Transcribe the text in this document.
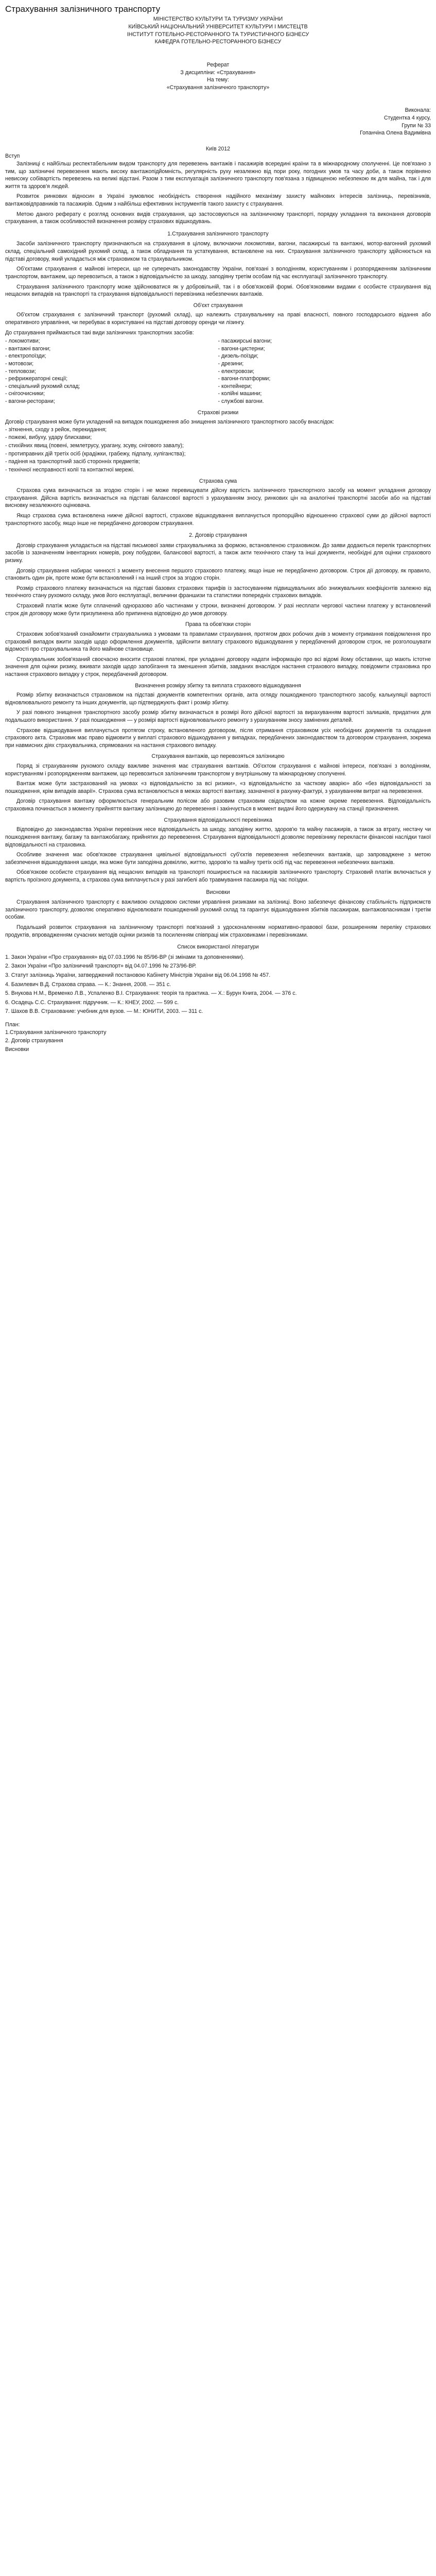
Страхування залізничного транспорту
МІНІСТЕРСТВО КУЛЬТУРИ ТА ТУРИЗМУ УКРАЇНИ
КИЇВСЬКИЙ НАЦІОНАЛЬНИЙ УНІВЕРСИТЕТ КУЛЬТУРИ І МИСТЕЦТВ
ІНСТИТУТ ГОТЕЛЬНО-РЕСТОРАННОГО ТА ТУРИСТИЧНОГО БІЗНЕСУ
КАФЕДРА ГОТЕЛЬНО-РЕСТОРАННОГО БІЗНЕСУ
Реферат
З дисципліни: «Страхування»
На тему:
«Страхування залізничного транспорту»
Виконала:
Студентка 4 курсу,
Групи № 33
Гопанчіна Олена Вадимівна
Київ 2012
Вступ

Залізниці є найбільш респектабельним видом транспорту для перевезень вантажів і пасажирів всередині країни та в міжнародному сполученні. Це пов'язано з тим, що залізничні перевезення мають високу вантажопідйомність, регулярність руху незалежно від пори року, погодних умов та часу доби, а також порівняно невисоку собівартість перевезень на великі відстані. Разом з тим експлуатація залізничного транспорту пов'язана з підвищеною небезпекою як для майна, так і для життя та здоров'я людей.

Розвиток ринкових відносин в Україні зумовлює необхідність створення надійного механізму захисту майнових інтересів залізниць, перевізників, вантажовідправників та пасажирів. Одним з найбільш ефективних інструментів такого захисту є страхування.

Метою даного реферату є розгляд основних видів страхування, що застосовуються на залізничному транспорті, порядку укладання та виконання договорів страхування, а також особливостей визначення розміру страхових відшкодувань.

1.Страхування залізничного транспорту

Засоби залізничного транспорту призначаються на страхування в цілому, включаючи локомотиви, вагони, пасажирські та вантажні, мотор-вагонний рухомий склад, спеціальний самохідний рухомий склад, а також обладнання та устаткування, встановлене на них. Страхування залізничного транспорту здійснюється на підставі договору, який укладається між страховиком та страхувальником.

Об'єктами страхування є майнові інтереси, що не суперечать законодавству України, пов'язані з володінням, користуванням і розпорядженням залізничним транспортом, вантажем, що перевозиться, а також з відповідальністю за шкоду, заподіяну третім особам під час експлуатації залізничного транспорту.

Страхування залізничного транспорту може здійснюватися як у добровільній, так і в обов'язковій формі. Обов'язковими видами є особисте страхування від нещасних випадків на транспорті та страхування відповідальності перевізника небезпечних вантажів.

Об'єкт страхування

Об'єктом страхування є залізничний транспорт (рухомий склад), що належить страхувальнику на праві власності, повного господарського відання або оперативного управління, чи перебуває в користуванні на підставі договору оренди чи лізингу.

До страхування приймаються такі види залізничних транспортних засобів:
- локомотиви;	- пасажирські вагони;
- вантажні вагони;	- вагони-цистерни;
- електропоїзди;	- дизель-поїзди;
- мотовози;	- дрезини;
- тепловози;	- електровози;
- рефрижераторні секції;	- вагони-платформи;
- спеціальний рухомий склад;	- контейнери;
- снігоочисники;	- колійні машини;
- вагони-ресторани;	- службові вагони.
Страхові ризики
Договір страхування може бути укладений на випадок пошкодження або знищення залізничного транспортного засобу внаслідок:
- зіткнення, сходу з рейок, перекидання;
- пожежі, вибуху, удару блискавки;
- стихійних явищ (повені, землетрусу, урагану, зсуву, снігового завалу);
- протиправних дій третіх осіб (крадіжки, грабежу, підпалу, хуліганства);
- падіння на транспортний засіб сторонніх предметів;
- технічної несправності колії та контактної мережі.
Страхова сума

Страхова сума визначається за згодою сторін і не може перевищувати дійсну вартість залізничного транспортного засобу на момент укладання договору страхування. Дійсна вартість визначається на підставі балансової вартості з урахуванням зносу, ринкових цін на аналогічні транспортні засоби або на підставі висновку незалежного оцінювача.

Якщо страхова сума встановлена нижче дійсної вартості, страхове відшкодування виплачується пропорційно відношенню страхової суми до дійсної вартості транспортного засобу, якщо інше не передбачено договором страхування.

2. Договір страхування

Договір страхування укладається на підставі письмової заяви страхувальника за формою, встановленою страховиком. До заяви додаються перелік транспортних засобів із зазначенням інвентарних номерів, року побудови, балансової вартості, а також акти технічного стану та інші документи, необхідні для оцінки страхового ризику.

Договір страхування набирає чинності з моменту внесення першого страхового платежу, якщо інше не передбачено договором. Строк дії договору, як правило, становить один рік, проте може бути встановлений і на інший строк за згодою сторін.

Розмір страхового платежу визначається на підставі базових страхових тарифів із застосуванням підвищувальних або знижувальних коефіцієнтів залежно від технічного стану рухомого складу, умов його експлуатації, величини франшизи та статистики попередніх страхових випадків.

Страховий платіж може бути сплачений одноразово або частинами у строки, визначені договором. У разі несплати чергової частини платежу у встановлений строк дія договору може бути призупинена або припинена відповідно до умов договору.

Права та обов'язки сторін

Страховик зобов'язаний ознайомити страхувальника з умовами та правилами страхування, протягом двох робочих днів з моменту отримання повідомлення про страховий випадок вжити заходів щодо оформлення документів, здійснити виплату страхового відшкодування у передбачений договором строк, не розголошувати відомості про страхувальника та його майнове становище.

Страхувальник зобов'язаний своєчасно вносити страхові платежі, при укладанні договору надати інформацію про всі відомі йому обставини, що мають істотне значення для оцінки ризику, вживати заходів щодо запобігання та зменшення збитків, завданих внаслідок настання страхового випадку, повідомити страховика про настання страхового випадку у строк, передбачений договором.

Визначення розміру збитку та виплата страхового відшкодування

Розмір збитку визначається страховиком на підставі документів компетентних органів, акта огляду пошкодженого транспортного засобу, калькуляції вартості відновлювального ремонту та інших документів, що підтверджують факт і розмір збитку.

У разі повного знищення транспортного засобу розмір збитку визначається в розмірі його дійсної вартості за вирахуванням вартості залишків, придатних для подальшого використання. У разі пошкодження — у розмірі вартості відновлювального ремонту з урахуванням зносу замінених деталей.

Страхове відшкодування виплачується протягом строку, встановленого договором, після отримання страховиком усіх необхідних документів та складання страхового акта. Страховик має право відмовити у виплаті страхового відшкодування у випадках, передбачених законодавством та договором страхування, зокрема при навмисних діях страхувальника, спрямованих на настання страхового випадку.

Страхування вантажів, що перевозяться залізницею

Поряд зі страхуванням рухомого складу важливе значення має страхування вантажів. Об'єктом страхування є майнові інтереси, пов'язані з володінням, користуванням і розпорядженням вантажем, що перевозиться залізничним транспортом у внутрішньому та міжнародному сполученні.

Вантаж може бути застрахований на умовах «з відповідальністю за всі ризики», «з відповідальністю за часткову аварію» або «без відповідальності за пошкодження, крім випадків аварії». Страхова сума встановлюється в межах вартості вантажу, зазначеної в рахунку-фактурі, з урахуванням витрат на перевезення.

Договір страхування вантажу оформлюється генеральним полісом або разовим страховим свідоцтвом на кожне окреме перевезення. Відповідальність страховика починається з моменту прийняття вантажу залізницею до перевезення і закінчується в момент видачі його одержувачу на станції призначення.

Страхування відповідальності перевізника

Відповідно до законодавства України перевізник несе відповідальність за шкоду, заподіяну життю, здоров'ю та майну пасажирів, а також за втрату, нестачу чи пошкодження вантажу, багажу та вантажобагажу, прийнятих до перевезення. Страхування відповідальності дозволяє перевізнику перекласти фінансові наслідки такої відповідальності на страховика.

Особливе значення має обов'язкове страхування цивільної відповідальності суб'єктів перевезення небезпечних вантажів, що запроваджене з метою забезпечення відшкодування шкоди, яка може бути заподіяна довкіллю, життю, здоров'ю та майну третіх осіб під час перевезення небезпечних вантажів.

Обов'язкове особисте страхування від нещасних випадків на транспорті поширюється на пасажирів залізничного транспорту. Страховий платіж включається у вартість проїзного документа, а страхова сума виплачується у разі загибелі або травмування пасажира під час поїздки.

Висновки

Страхування залізничного транспорту є важливою складовою системи управління ризиками на залізниці. Воно забезпечує фінансову стабільність підприємств залізничного транспорту, дозволяє оперативно відновлювати пошкоджений рухомий склад та гарантує відшкодування збитків пасажирам, вантажовласникам і третім особам.

Подальший розвиток страхування на залізничному транспорті пов'язаний з удосконаленням нормативно-правової бази, розширенням переліку страхових продуктів, впровадженням сучасних методів оцінки ризиків та посиленням співпраці між страховиками і перевізниками.

Список використаної літератури
1. Закон України «Про страхування» від 07.03.1996 № 85/96-ВР (зі змінами та доповненнями).
2. Закон України «Про залізничний транспорт» від 04.07.1996 № 273/96-ВР.
3. Статут залізниць України, затверджений постановою Кабінету Міністрів України від 06.04.1998 № 457.
4. Базилевич В.Д. Страхова справа. — К.: Знання, 2008. — 351 с.
5. Внукова Н.М., Временко Л.В., Успаленко В.І. Страхування: теорія та практика. — Х.: Бурун Книга, 2004. — 376 с.
6. Осадець С.С. Страхування: підручник. — К.: КНЕУ, 2002. — 599 с.
7. Шахов В.В. Страхование: учебник для вузов. — М.: ЮНИТИ, 2003. — 311 с.
План:
1.Страхування залізничного транспорту
2. Договір страхування
Висновки
